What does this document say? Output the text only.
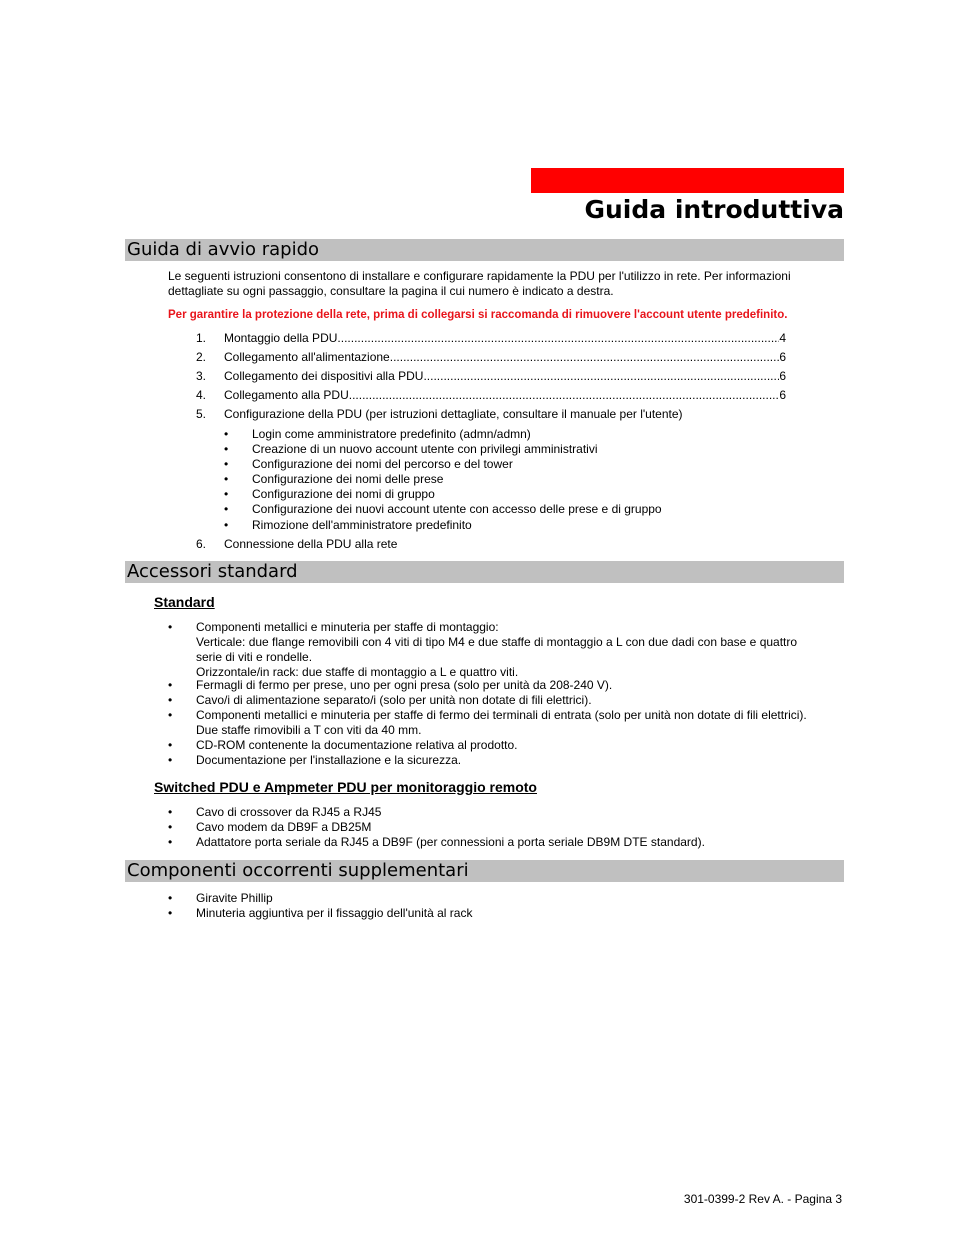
Guida introduttiva
Guida di avvio rapido

Le seguenti istruzioni consentono di installare e configurare rapidamente la PDU per l'utilizzo in rete. Per informazioni dettagliate su ogni passaggio, consultare la pagina il cui numero è indicato a destra.

Per garantire la protezione della rete, prima di collegarsi si raccomanda di rimuovere l'account utente predefinito.

1.	Montaggio della PDU .....	4
2.	Collegamento all'alimentazione .....	6
3.	Collegamento dei dispositivi alla PDU .....	6
4.	Collegamento alla PDU .....	6
5.	Configurazione della PDU (per istruzioni dettagliate, consultare il manuale per l'utente)
• Login come amministratore predefinito (admn/admn)
• Creazione di un nuovo account utente con privilegi amministrativi
• Configurazione dei nomi del percorso e del tower
• Configurazione dei nomi delle prese
• Configurazione dei nomi di gruppo
• Configurazione dei nuovi account utente con accesso delle prese e di gruppo
• Rimozione dell'amministratore predefinito
6.	Connessione della PDU alla rete
Accessori standard
Standard
• Componenti metallici e minuteria per staffe di montaggio:
Verticale: due flange removibili con 4 viti di tipo M4 e due staffe di montaggio a L con due dadi con base e quattro
serie di viti e rondelle.
Orizzontale/in rack: due staffe di montaggio a L e quattro viti.
• Fermagli di fermo per prese, uno per ogni presa (solo per unità da 208-240 V).
• Cavo/i di alimentazione separato/i (solo per unità non dotate di fili elettrici).
• Componenti metallici e minuteria per staffe di fermo dei terminali di entrata (solo per unità non dotate di fili elettrici).
Due staffe rimovibili a T con viti da 40 mm.
• CD-ROM contenente la documentazione relativa al prodotto.
• Documentazione per l'installazione e la sicurezza.
Switched PDU e Ampmeter PDU per monitoraggio remoto
• Cavo di crossover da RJ45 a RJ45
• Cavo modem da DB9F a DB25M
• Adattatore porta seriale da RJ45 a DB9F (per connessioni a porta seriale DB9M DTE standard).
Componenti occorrenti supplementari
• Giravite Phillip
• Minuteria aggiuntiva per il fissaggio dell'unità al rack
301-0399-2 Rev A. - Pagina 3
